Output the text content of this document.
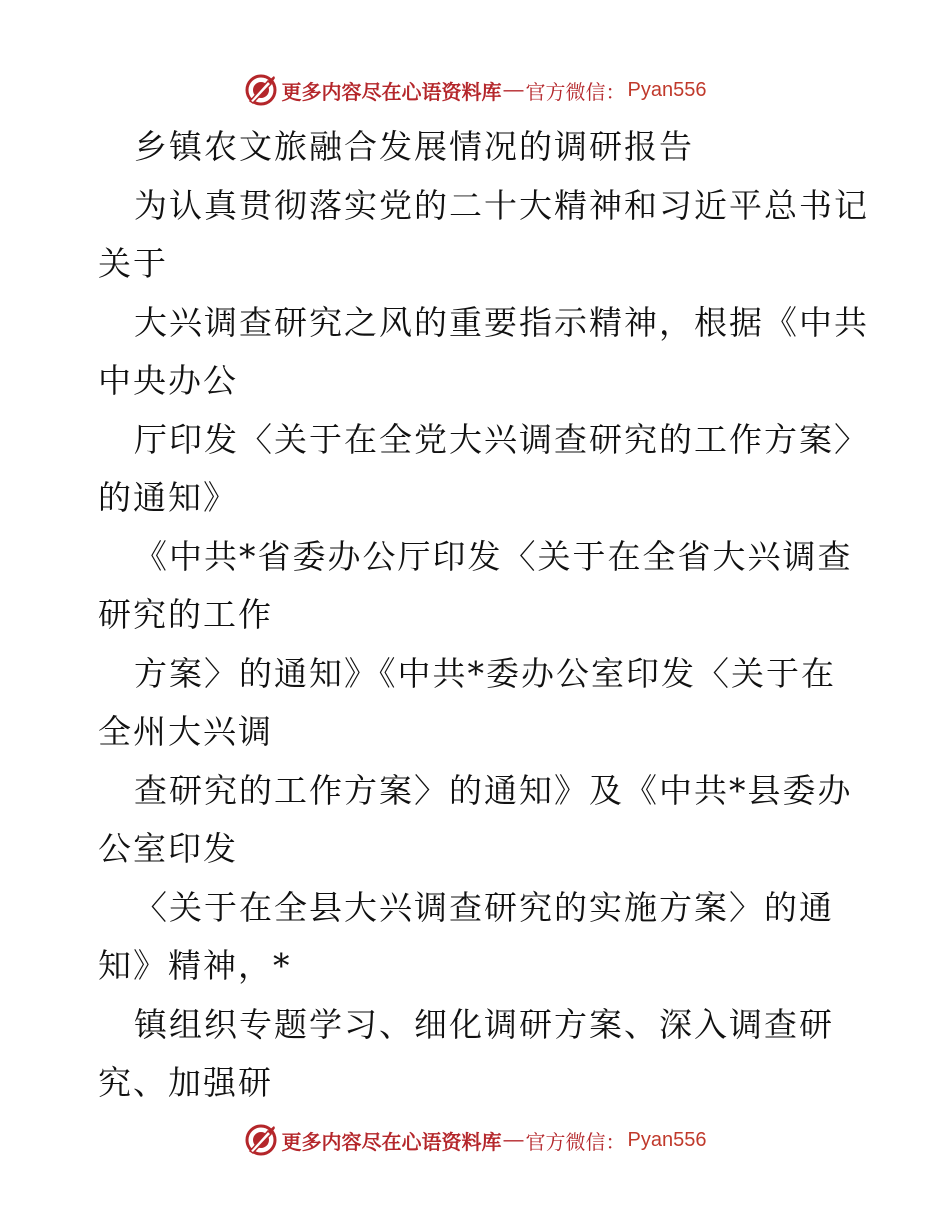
更多内容尽在心语资料库 — 官方微信： Pyan556
乡镇农文旅融合发展情况的调研报告
为认真贯彻落实党的二十大精神和习近平总书记
关于
大兴调查研究之风的重要指示精神，根据《中共
中央办公
厅印发〈关于在全党大兴调查研究的工作方案〉
的通知》
《中共*省委办公厅印发〈关于在全省大兴调查
研究的工作
方案〉的通知》《中共*委办公室印发〈关于在
全州大兴调
查研究的工作方案〉的通知》及《中共*县委办
公室印发
〈关于在全县大兴调查研究的实施方案〉的通
知》精神，*
镇组织专题学习、细化调研方案、深入调查研
究、加强研
更多内容尽在心语资料库 — 官方微信： Pyan556
